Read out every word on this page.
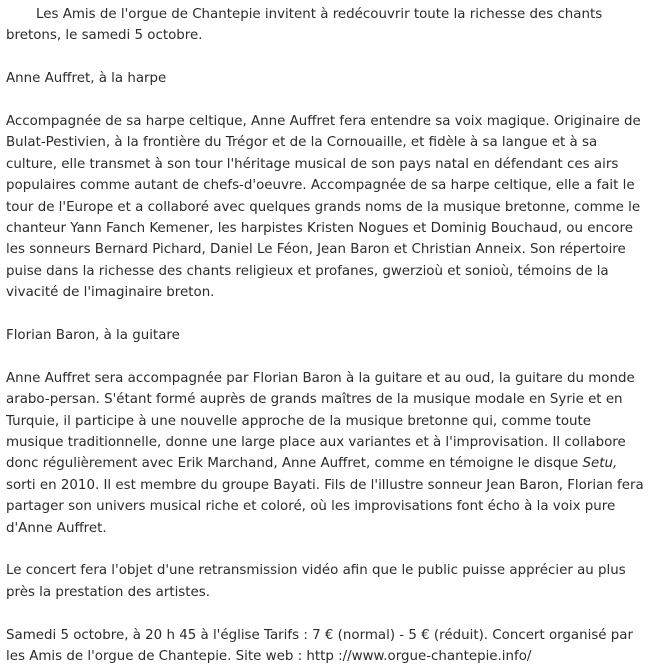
Les Amis de l'orgue de Chantepie invitent à redécouvrir toute la richesse des chants bretons, le samedi 5 octobre.

Anne Auffret, à la harpe

Accompagnée de sa harpe celtique, Anne Auffret fera entendre sa voix magique. Originaire de Bulat-Pestivien, à la frontière du Trégor et de la Cornouaille, et fidèle à sa langue et à sa culture, elle transmet à son tour l'héritage musical de son pays natal en défendant ces airs populaires comme autant de chefs-d'oeuvre. Accompagnée de sa harpe celtique, elle a fait le tour de l'Europe et a collaboré avec quelques grands noms de la musique bretonne, comme le chanteur Yann Fanch Kemener, les harpistes Kristen Nogues et Dominig Bouchaud, ou encore les sonneurs Bernard Pichard, Daniel Le Féon, Jean Baron et Christian Anneix. Son répertoire puise dans la richesse des chants religieux et profanes, gwerzioù et sonioù, témoins de la vivacité de l'imaginaire breton.

Florian Baron, à la guitare

Anne Auffret sera accompagnée par Florian Baron à la guitare et au oud, la guitare du monde arabo-persan. S'étant formé auprès de grands maîtres de la musique modale en Syrie et en Turquie, il participe à une nouvelle approche de la musique bretonne qui, comme toute musique traditionnelle, donne une large place aux variantes et à l'improvisation. Il collabore donc régulièrement avec Erik Marchand, Anne Auffret, comme en témoigne le disque Setu, sorti en 2010. Il est membre du groupe Bayati. Fils de l'illustre sonneur Jean Baron, Florian fera partager son univers musical riche et coloré, où les improvisations font écho à la voix pure d'Anne Auffret.

Le concert fera l'objet d'une retransmission vidéo afin que le public puisse apprécier au plus près la prestation des artistes.

Samedi 5 octobre, à 20 h 45 à l'église Tarifs : 7 € (normal) - 5 € (réduit). Concert organisé par les Amis de l'orgue de Chantepie. Site web : http ://www.orgue-chantepie.info/
